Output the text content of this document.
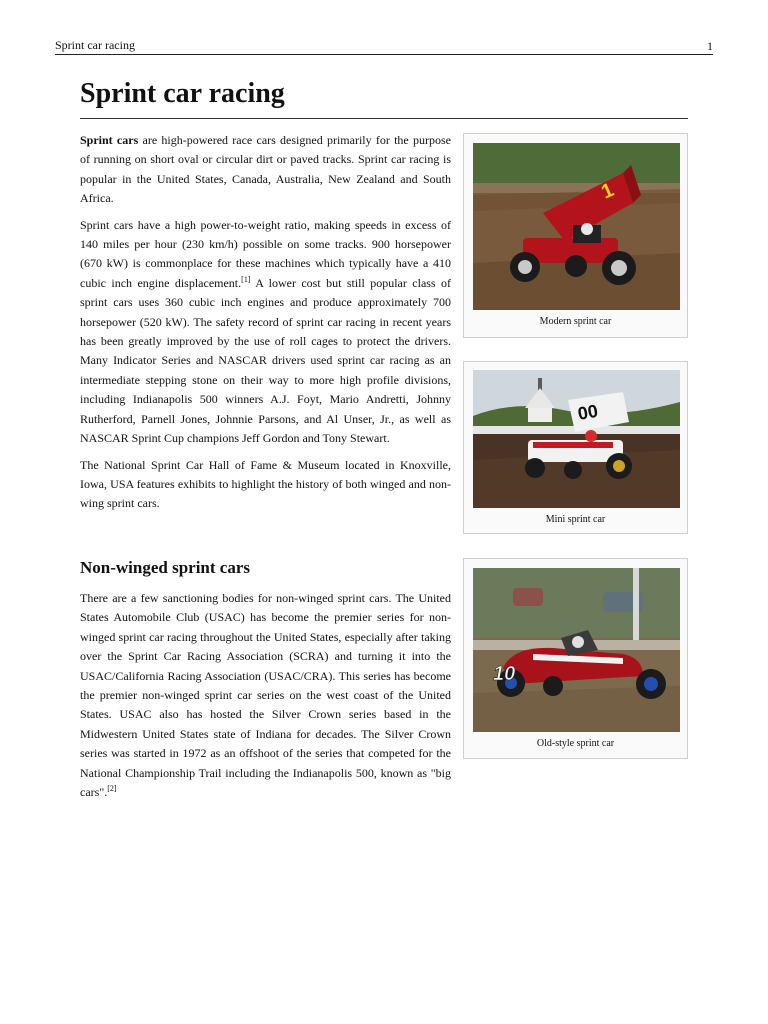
Sprint car racing	1
Sprint car racing

Sprint cars are high-powered race cars designed primarily for the purpose of running on short oval or circular dirt or paved tracks. Sprint car racing is popular in the United States, Canada, Australia, New Zealand and South Africa.

Sprint cars have a high power-to-weight ratio, making speeds in excess of 140 miles per hour (230 km/h) possible on some tracks. 900 horsepower (670 kW) is commonplace for these machines which typically have a 410 cubic inch engine displacement.[1] A lower cost but still popular class of sprint cars uses 360 cubic inch engines and produce approximately 700 horsepower (520 kW). The safety record of sprint car racing in recent years has been greatly improved by the use of roll cages to protect the drivers. Many Indicator Series and NASCAR drivers used sprint car racing as an intermediate stepping stone on their way to more high profile divisions, including Indianapolis 500 winners A.J. Foyt, Mario Andretti, Johnny Rutherford, Parnell Jones, Johnnie Parsons, and Al Unser, Jr., as well as NASCAR Sprint Cup champions Jeff Gordon and Tony Stewart.

The National Sprint Car Hall of Fame & Museum located in Knoxville, Iowa, USA features exhibits to highlight the history of both winged and non-wing sprint cars.

Non-winged sprint cars

There are a few sanctioning bodies for non-winged sprint cars. The United States Automobile Club (USAC) has become the premier series for non-winged sprint car racing throughout the United States, especially after taking over the Sprint Car Racing Association (SCRA) and turning it into the USAC/California Racing Association (USAC/CRA). This series has become the premier non-winged sprint car series on the west coast of the United States. USAC also has hosted the Silver Crown series based in the Midwestern United States state of Indiana for decades. The Silver Crown series was started in 1972 as an offshoot of the series that competed for the National Championship Trail including the Indianapolis 500, known as "big cars".[2]

1
Modern sprint car
00
Mini sprint car
10
Old-style sprint car
